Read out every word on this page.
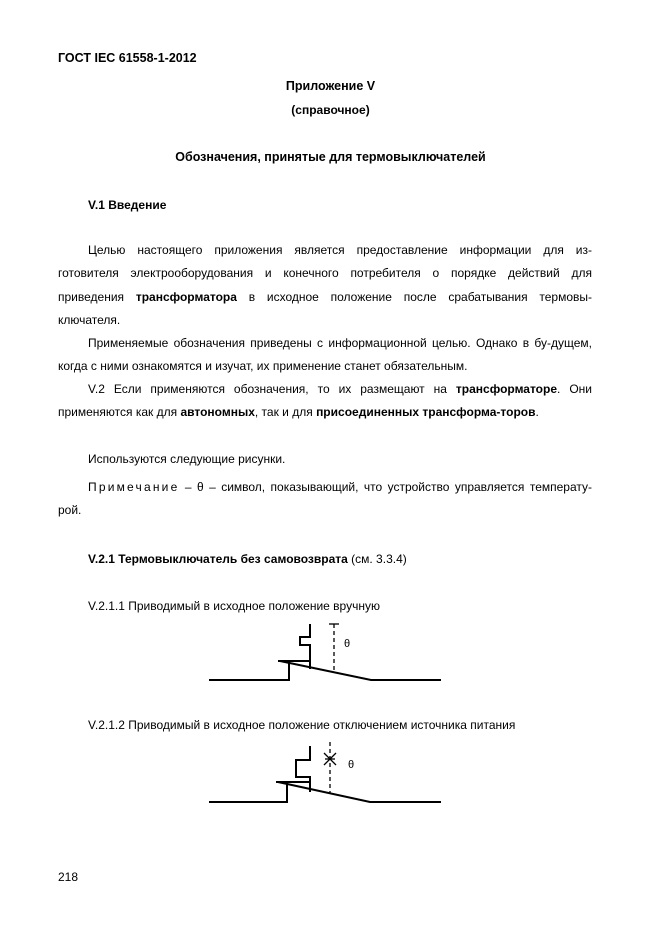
ГОСТ IEC 61558-1-2012
Приложение V
(справочное)
Обозначения, принятые для термовыключателей
V.1 Введение
Целью настоящего приложения является предоставление информации для из-готовителя электрооборудования и конечного потребителя о порядке действий для приведения трансформатора в исходное положение после срабатывания термовы-ключателя.
Применяемые обозначения приведены с информационной целью. Однако в бу-дущем, когда с ними ознакомятся и изучат, их применение станет обязательным.
V.2 Если применяются обозначения, то их размещают на трансформаторе. Они применяются как для автономных, так и для присоединенных трансформа-торов.
Используются следующие рисунки.
Примечание – θ – символ, показывающий, что устройство управляется температу-рой.
V.2.1 Термовыключатель без самовозврата (см. 3.3.4)
V.2.1.1 Приводимый в исходное положение вручную
θ
V.2.1.2 Приводимый в исходное положение отключением источника питания
θ
218
